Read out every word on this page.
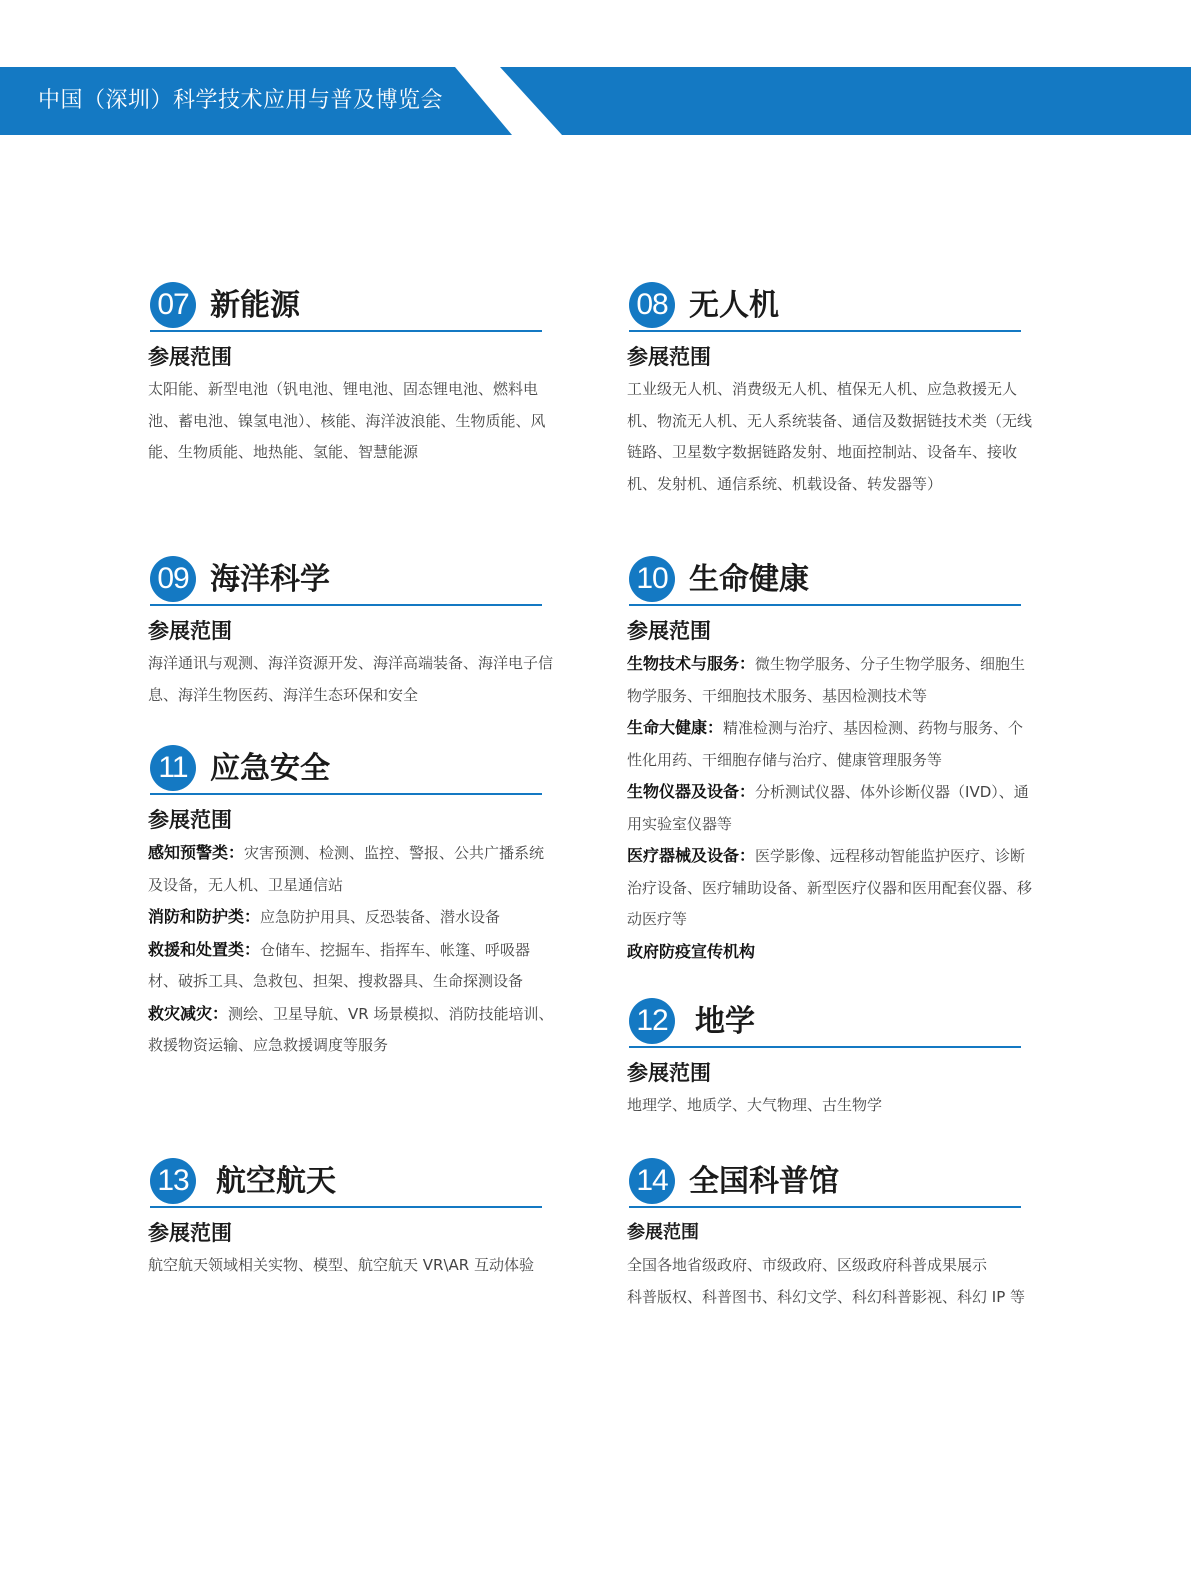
中国（深圳）科学技术应用与普及博览会
07 新能源
参展范围
太阳能、新型电池（钒电池、锂电池、固态锂电池、燃料电池、蓄电池、镍氢电池）、核能、海洋波浪能、生物质能、风能、生物质能、地热能、氢能、智慧能源
08 无人机
参展范围
工业级无人机、消费级无人机、植保无人机、应急救援无人机、物流无人机、无人系统装备、通信及数据链技术类（无线链路、卫星数字数据链路发射、地面控制站、设备车、接收机、发射机、通信系统、机载设备、转发器等）
09 海洋科学
参展范围
海洋通讯与观测、海洋资源开发、海洋高端装备、海洋电子信息、海洋生物医药、海洋生态环保和安全
10 生命健康
参展范围

生物技术与服务：微生物学服务、分子生物学服务、细胞生物学服务、干细胞技术服务、基因检测技术等

生命大健康：精准检测与治疗、基因检测、药物与服务、个性化用药、干细胞存储与治疗、健康管理服务等

生物仪器及设备：分析测试仪器、体外诊断仪器（IVD）、通用实验室仪器等

医疗器械及设备：医学影像、远程移动智能监护医疗、诊断治疗设备、医疗辅助设备、新型医疗仪器和医用配套仪器、移动医疗等

政府防疫宣传机构

11 应急安全
参展范围

感知预警类：灾害预测、检测、监控、警报、公共广播系统及设备，无人机、卫星通信站

消防和防护类：应急防护用具、反恐装备、潜水设备

救援和处置类：仓储车、挖掘车、指挥车、帐篷、呼吸器材、破拆工具、急救包、担架、搜救器具、生命探测设备

救灾减灾：测绘、卫星导航、VR 场景模拟、消防技能培训、救援物资运输、应急救援调度等服务

12 地学
参展范围
地理学、地质学、大气物理、古生物学
13 航空航天
参展范围
航空航天领域相关实物、模型、航空航天 VR\AR 互动体验
14 全国科普馆
参展范围

全国各地省级政府、市级政府、区级政府科普成果展示

科普版权、科普图书、科幻文学、科幻科普影视、科幻 IP 等
